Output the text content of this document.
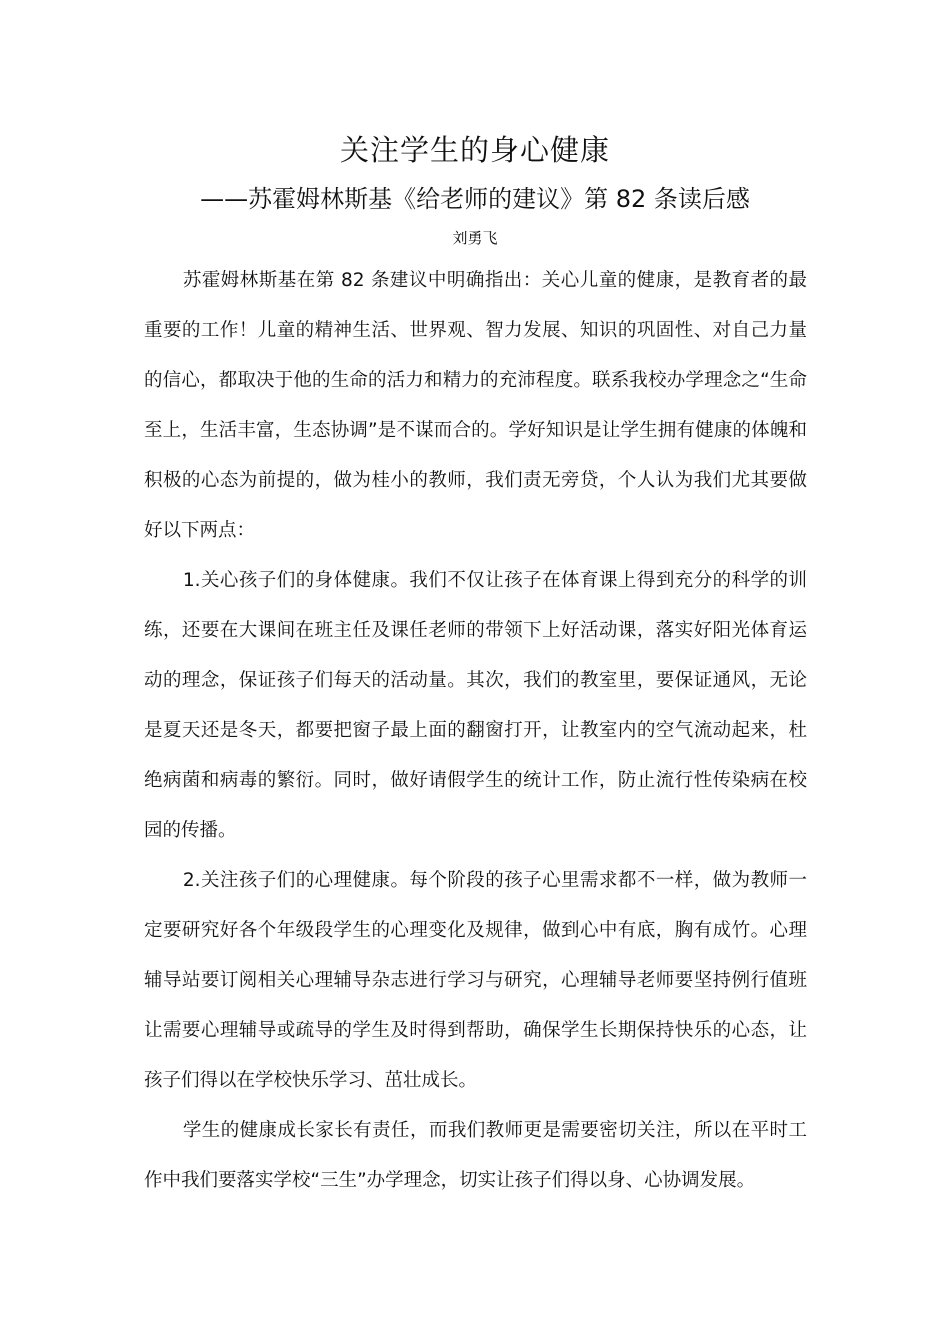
关注学生的身心健康
——苏霍姆林斯基《给老师的建议》第 82 条读后感
刘勇飞

苏霍姆林斯基在第 82 条建议中明确指出：关心儿童的健康，是教育者的最重要的工作！儿童的精神生活、世界观、智力发展、知识的巩固性、对自己力量的信心，都取决于他的生命的活力和精力的充沛程度。联系我校办学理念之“生命至上，生活丰富，生态协调”是不谋而合的。学好知识是让学生拥有健康的体魄和积极的心态为前提的，做为桂小的教师，我们责无旁贷，个人认为我们尤其要做好以下两点：

1.关心孩子们的身体健康。我们不仅让孩子在体育课上得到充分的科学的训练，还要在大课间在班主任及课任老师的带领下上好活动课，落实好阳光体育运动的理念，保证孩子们每天的活动量。其次，我们的教室里，要保证通风，无论是夏天还是冬天，都要把窗子最上面的翻窗打开，让教室内的空气流动起来，杜绝病菌和病毒的繁衍。同时，做好请假学生的统计工作，防止流行性传染病在校园的传播。

2.关注孩子们的心理健康。每个阶段的孩子心里需求都不一样，做为教师一定要研究好各个年级段学生的心理变化及规律，做到心中有底，胸有成竹。心理辅导站要订阅相关心理辅导杂志进行学习与研究，心理辅导老师要坚持例行值班让需要心理辅导或疏导的学生及时得到帮助，确保学生长期保持快乐的心态，让孩子们得以在学校快乐学习、茁壮成长。

学生的健康成长家长有责任，而我们教师更是需要密切关注，所以在平时工作中我们要落实学校“三生”办学理念，切实让孩子们得以身、心协调发展。
